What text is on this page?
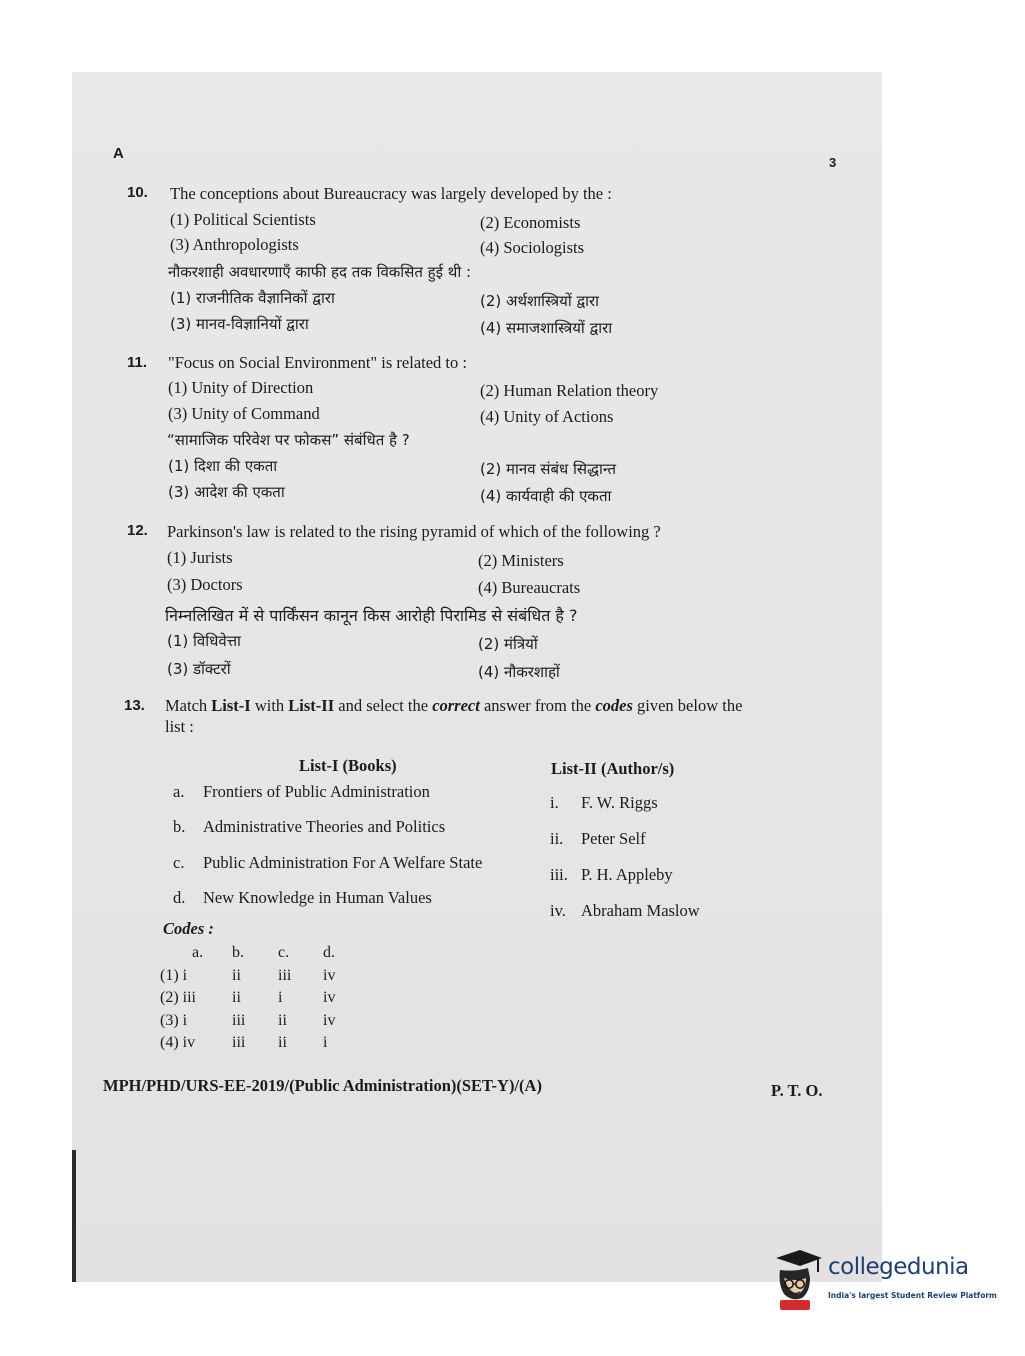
A
3
10. The conceptions about Bureaucracy was largely developed by the :
(1) Political Scientists	(2) Economists
(3) Anthropologists	(4) Sociologists
नौकरशाही अवधारणाएँ काफी हद तक विकसित हुई थी :
(1) राजनीतिक वैज्ञानिकों द्वारा	(2) अर्थशास्त्रियों द्वारा
(3) मानव-विज्ञानियों द्वारा	(4) समाजशास्त्रियों द्वारा
11. "Focus on Social Environment" is related to :
(1) Unity of Direction	(2) Human Relation theory
(3) Unity of Command	(4) Unity of Actions
“सामाजिक परिवेश पर फोकस” संबंधित है ?
(1) दिशा की एकता	(2) मानव संबंध सिद्धान्त
(3) आदेश की एकता	(4) कार्यवाही की एकता
12. Parkinson's law is related to the rising pyramid of which of the following ?
(1) Jurists	(2) Ministers
(3) Doctors	(4) Bureaucrats
निम्नलिखित में से पार्किंसन कानून किस आरोही पिरामिड से संबंधित है ?
(1) विधिवेत्ता	(2) मंत्रियों
(3) डॉक्टरों	(4) नौकरशाहों
13. Match List-I with List-II and select the correct answer from the codes given below the
list :
List-I (Books)	List-II (Author/s)
a. Frontiers of Public Administration
b. Administrative Theories and Politics
c. Public Administration For A Welfare State
d. New Knowledge in Human Values
i. F. W. Riggs
ii. Peter Self
iii. P. H. Appleby
iv. Abraham Maslow
Codes :
	a.	b.	c.	d.
(1) i		ii	iii	iv
(2) iii		ii	i	iv
(3) i		iii	ii	iv
(4) iv		iii	ii	i
MPH/PHD/URS-EE-2019/(Public Administration)(SET-Y)/(A)	P. T. O.
collegedunia
India's largest Student Review Platform
